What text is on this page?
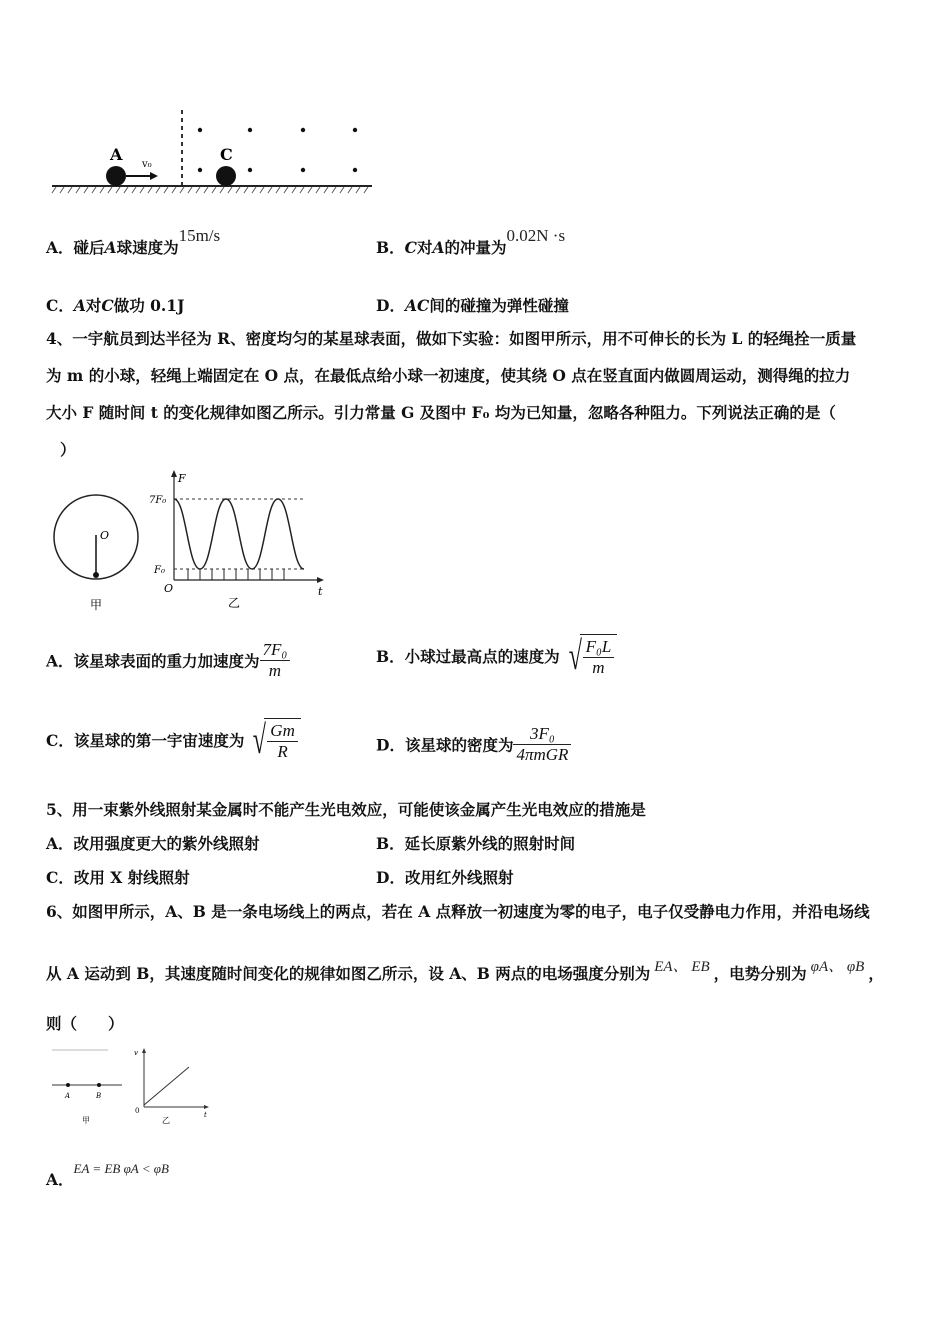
A	C
v₀
A．碰后A球速度为15m/s
B．C对A的冲量为0.02N ·s
C．A对C做功 0.1J	D．AC间的碰撞为弹性碰撞
4、一宇航员到达半径为 R、密度均匀的某星球表面，做如下实验：如图甲所示，用不可伸长的长为 L 的轻绳拴一质量
为 m 的小球，轻绳上端固定在 O 点，在最低点给小球一初速度，使其绕 O 点在竖直面内做圆周运动，测得绳的拉力
大小 F 随时间 t 的变化规律如图乙所示。引力常量 G 及图中 F₀ 均为已知量，忽略各种阻力。下列说法正确的是（
）
O
甲
F
t
O
7F₀
F₀
乙
A．该星球表面的重力加速度为 $\frac{\text{7F₀}}{m}$	B．小球过最高点的速度为 √ $\frac{\text{F₀L}}{m}$
C．该星球的第一宇宙速度为 √ $\frac{Gm}{R}$	D．该星球的密度为 $\frac{\text{3F₀}}{\text{4πmGR}}$
5、用一束紫外线照射某金属时不能产生光电效应，可能使该金属产生光电效应的措施是
A．改用强度更大的紫外线照射	B．延长原紫外线的照射时间
C．改用 X 射线照射	D．改用红外线照射
6、如图甲所示，A、B 是一条电场线上的两点，若在 A 点释放一初速度为零的电子，电子仅受静电力作用，并沿电场线
从 A 运动到 B，其速度随时间变化的规律如图乙所示，设 A、B 两点的电场强度分别为 EA、 EB ，电势分别为 φA、 φB ，
则（　　）
A	B
甲
v
t
0
乙
A．$^{EA = EB \varphi A < \varphi B}$
